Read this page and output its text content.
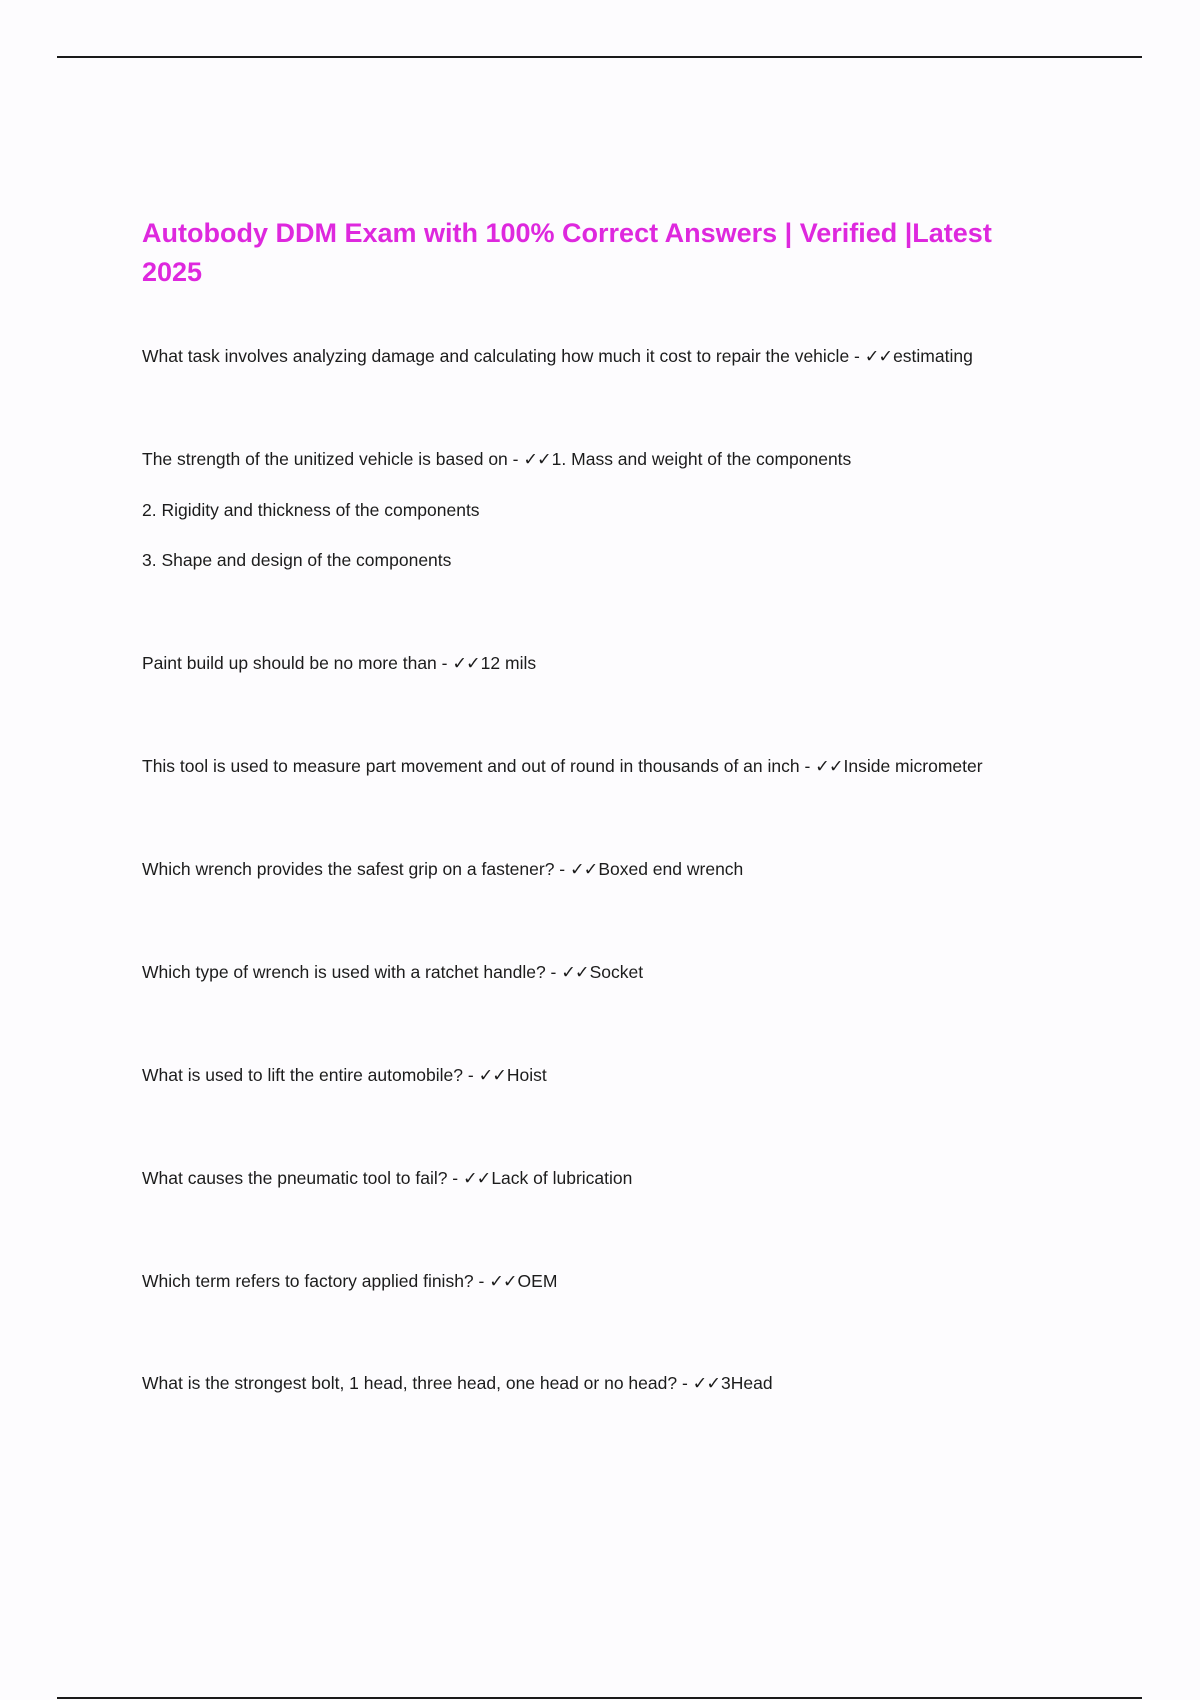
Autobody DDM Exam with 100% Correct Answers | Verified |Latest 2025

What task involves analyzing damage and calculating how much it cost to repair the vehicle - ✓✓estimating

The strength of the unitized vehicle is based on - ✓✓1. Mass and weight of the components

2. Rigidity and thickness of the components

3. Shape and design of the components

Paint build up should be no more than - ✓✓12 mils

This tool is used to measure part movement and out of round in thousands of an inch - ✓✓Inside micrometer

Which wrench provides the safest grip on a fastener? - ✓✓Boxed end wrench

Which type of wrench is used with a ratchet handle? - ✓✓Socket

What is used to lift the entire automobile? - ✓✓Hoist

What causes the pneumatic tool to fail? - ✓✓Lack of lubrication

Which term refers to factory applied finish? - ✓✓OEM

What is the strongest bolt, 1 head, three head, one head or no head? - ✓✓3Head
